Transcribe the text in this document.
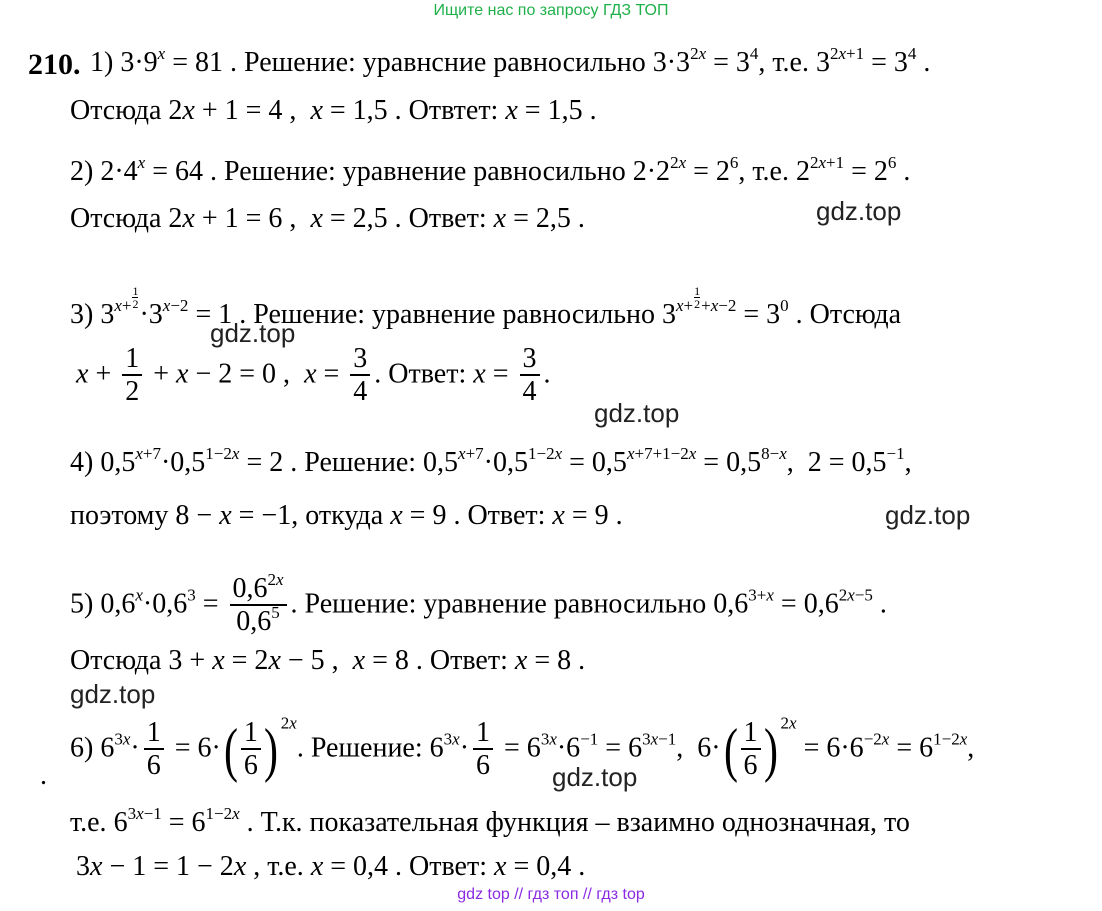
Ищите нас по запросу ГДЗ ТОП
210. 1) $3\cdot 9^x = 81$ . Решение: уравнсние равносильно $3\cdot 3^{2x} = 3^4$, т.е. $3^{2x+1} = 3^4$ .
Отсюда 2x + 1 = 4 ,  x = 1,5 . Отвтет: x = 1,5 .
2) $2\cdot 4^x = 64$ . Решение: уравнение равносильно $2\cdot 2^{2x} = 2^6$, т.е. $2^{2x+1} = 2^6$ .
Отсюда 2x + 1 = 6 ,  x = 2,5 . Ответ: x = 2,5 .
3) $3^{x+ \frac{1}{2}}$
$\cdot 3^{x-2} = 1$ . Решение: уравнение равносильно $3^{x+ \frac{1}{2} +x-2} = 3^0$ . Отсюда
$x + \frac{1}{2} + x - 2 = 0$ ,  $x = \frac{3}{4}$ . Ответ: $x = \frac{3}{4}$ .
4) $0,5^{x+7}\cdot 0,5^{1-2x} = 2$ . Решение: $0,5^{x+7}\cdot 0,5^{1-2x} = 0,5^{x+7+1-2x} = 0,5^{8-x}$,  $2 = 0,5^{-1}$,
поэтому 8 − x = −1, откуда x = 9 . Ответ: x = 9 .
5) $0,6^x\cdot 0,6^3 = \frac{0,6^{2x}}{0,6^5}$ . Решение: уравнение равносильно $0,6^{3+x} = 0,6^{2x-5}$ .
Отсюда 3 + x = 2x − 5 ,  x = 8 . Ответ: x = 8 .
.
6) $6^{3x}\cdot \frac{1}{6} = 6\cdot( \frac{1}{6}$ ) $^{2x}$. Решение: $6^{3x}\cdot \frac{1}{6} = 6^{3x}\cdot 6^{-1} = 6^{3x-1}$,  $6\cdot( \frac{1}{6}$ ) $^{2x} = 6\cdot 6^{-2x} = 6^{1-2x}$,
т.е. $6^{3x-1} = 6^{1-2x}$ . Т.к. показательная функция – взаимно однозначная, то
3x − 1 = 1 − 2x , т.е. x = 0,4 . Ответ: x = 0,4 .
gdz.top
gdz.top
gdz.top
gdz.top
gdz.top
gdz.top
gdz top // гдз топ // гдз top
